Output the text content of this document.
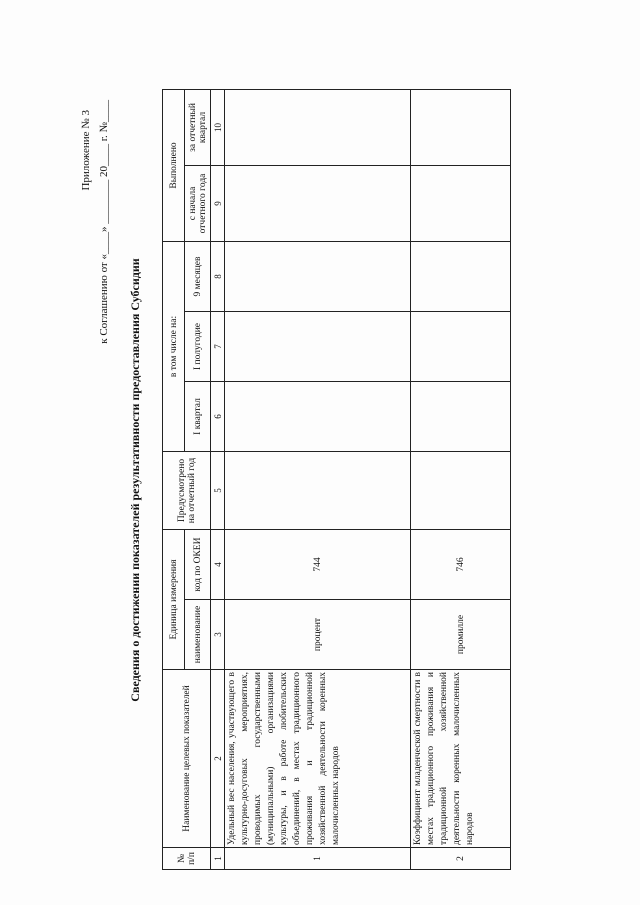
Приложение № 3 к Соглашению от «____» ________ 20____ г. №____
Сведения о достижении показателей результативности предоставления Субсидии
№ п/п	Наименование целевых показателей	Единица измерения		Предусмотрено на отчетный год	в том числе на:			Выполнено	
		наименование	код по ОКЕИ		I квартал	I полугодие	9 месяцев	с начала отчетного года	за отчетный квартал
1	2	3	4	5	6	7	8	9	10
1	Удельный вес населения, участвующего в культурно-досуговых мероприятиях, проводимых государственными (муниципальными) организациями культуры, и в работе любительских объединений, в местах традиционного проживания и традиционной хозяйственной деятельности коренных малочисленных народов	процент	744						
2	Коэффициент младенческой смертности в местах традиционного проживания и традиционной хозяйственной деятельности коренных малочисленных народов	промилле	746						
